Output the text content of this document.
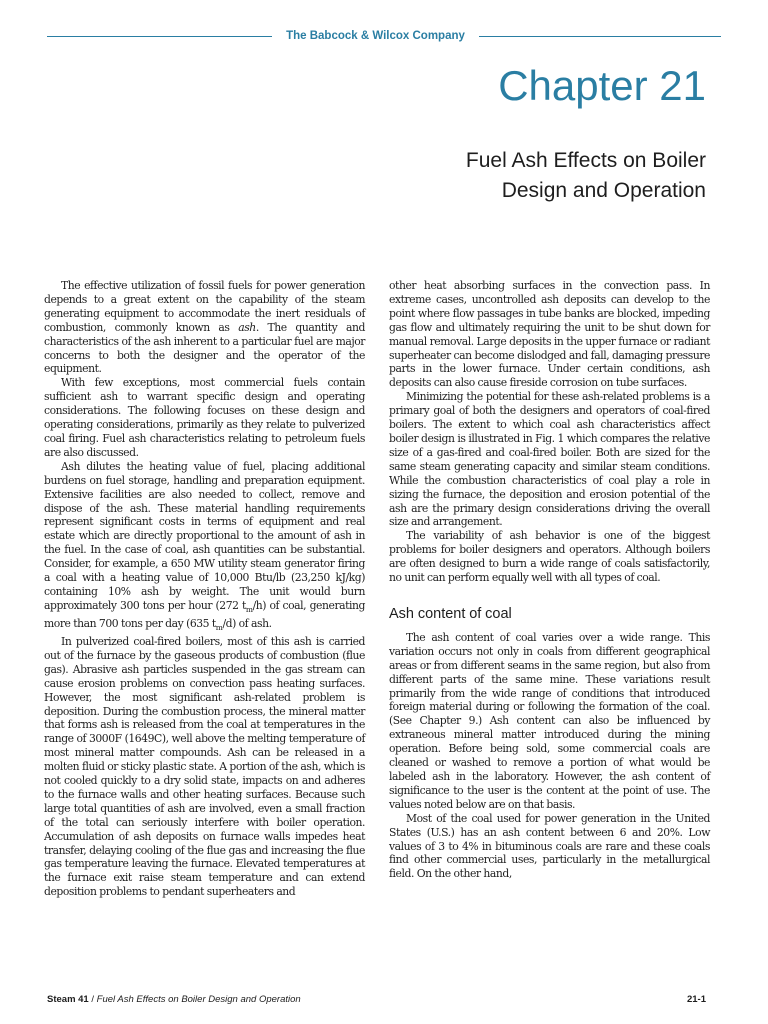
The Babcock & Wilcox Company
Chapter 21
Fuel Ash Effects on Boiler
Design and Operation

The effective utilization of fossil fuels for power generation depends to a great extent on the capability of the steam generating equipment to accommodate the inert residuals of combustion, commonly known as ash. The quantity and characteristics of the ash inherent to a particular fuel are major concerns to both the designer and the operator of the equipment.

With few exceptions, most commercial fuels contain sufficient ash to warrant specific design and operating considerations. The following focuses on these design and operating considerations, primarily as they relate to pulverized coal firing. Fuel ash characteristics relating to petroleum fuels are also discussed.

Ash dilutes the heating value of fuel, placing additional burdens on fuel storage, handling and preparation equipment. Extensive facilities are also needed to collect, remove and dispose of the ash. These material handling requirements represent significant costs in terms of equipment and real estate which are directly proportional to the amount of ash in the fuel. In the case of coal, ash quantities can be substantial. Consider, for example, a 650 MW utility steam generator firing a coal with a heating value of 10,000 Btu/lb (23,250 kJ/kg) containing 10% ash by weight. The unit would burn approximately 300 tons per hour (272 $t_m/h$) of coal, generating more than 700 tons per day (635 $t_m/d$) of ash.

In pulverized coal-fired boilers, most of this ash is carried out of the furnace by the gaseous products of combustion (flue gas). Abrasive ash particles suspended in the gas stream can cause erosion problems on convection pass heating surfaces. However, the most significant ash-related problem is deposition. During the combustion process, the mineral matter that forms ash is released from the coal at temperatures in the range of 3000F (1649C), well above the melting temperature of most mineral matter compounds. Ash can be released in a molten fluid or sticky plastic state. A portion of the ash, which is not cooled quickly to a dry solid state, impacts on and adheres to the furnace walls and other heating surfaces. Because such large total quantities of ash are involved, even a small fraction of the total can seriously interfere with boiler operation. Accumulation of ash deposits on furnace walls impedes heat transfer, delaying cooling of the flue gas and increasing the flue gas temperature leaving the furnace. Elevated temperatures at the furnace exit raise steam temperature and can extend deposition problems to pendant superheaters and

other heat absorbing surfaces in the convection pass. In extreme cases, uncontrolled ash deposits can develop to the point where flow passages in tube banks are blocked, impeding gas flow and ultimately requiring the unit to be shut down for manual removal. Large deposits in the upper furnace or radiant superheater can become dislodged and fall, damaging pressure parts in the lower furnace. Under certain conditions, ash deposits can also cause fireside corrosion on tube surfaces.

Minimizing the potential for these ash-related problems is a primary goal of both the designers and operators of coal-fired boilers. The extent to which coal ash characteristics affect boiler design is illustrated in Fig. 1 which compares the relative size of a gas-fired and coal-fired boiler. Both are sized for the same steam generating capacity and similar steam conditions. While the combustion characteristics of coal play a role in sizing the furnace, the deposition and erosion potential of the ash are the primary design considerations driving the overall size and arrangement.

The variability of ash behavior is one of the biggest problems for boiler designers and operators. Although boilers are often designed to burn a wide range of coals satisfactorily, no unit can perform equally well with all types of coal.

Ash content of coal

The ash content of coal varies over a wide range. This variation occurs not only in coals from different geographical areas or from different seams in the same region, but also from different parts of the same mine. These variations result primarily from the wide range of conditions that introduced foreign material during or following the formation of the coal. (See Chapter 9.) Ash content can also be influenced by extraneous mineral matter introduced during the mining operation. Before being sold, some commercial coals are cleaned or washed to remove a portion of what would be labeled ash in the laboratory. However, the ash content of significance to the user is the content at the point of use. The values noted below are on that basis.

Most of the coal used for power generation in the United States (U.S.) has an ash content between 6 and 20%. Low values of 3 to 4% in bituminous coals are rare and these coals find other commercial uses, particularly in the metallurgical field. On the other hand,

Steam 41 / Fuel Ash Effects on Boiler Design and Operation	21-1
